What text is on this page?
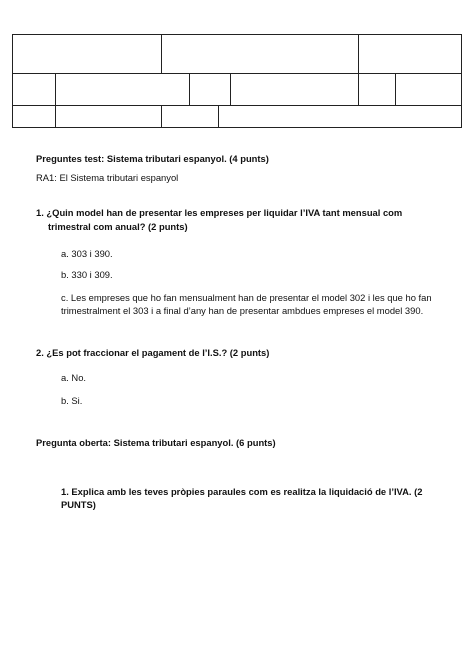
Preguntes test: Sistema tributari espanyol. (4 punts)
RA1: El Sistema tributari espanyol
1. ¿Quin model han de presentar les empreses per liquidar l’IVA tant mensual com
trimestral com anual? (2 punts)
a. 303 i 390.
b. 330 i 309.
c. Les empreses que ho fan mensualment han de presentar el model 302 i les que ho fan
trimestralment el 303 i a final d’any han de presentar ambdues empreses el model 390.
2. ¿Es pot fraccionar el pagament de l’I.S.? (2 punts)
a. No.
b. Si.
Pregunta oberta: Sistema tributari espanyol. (6 punts)
1. Explica amb les teves pròpies paraules com es realitza la liquidació de l’IVA. (2
PUNTS)
